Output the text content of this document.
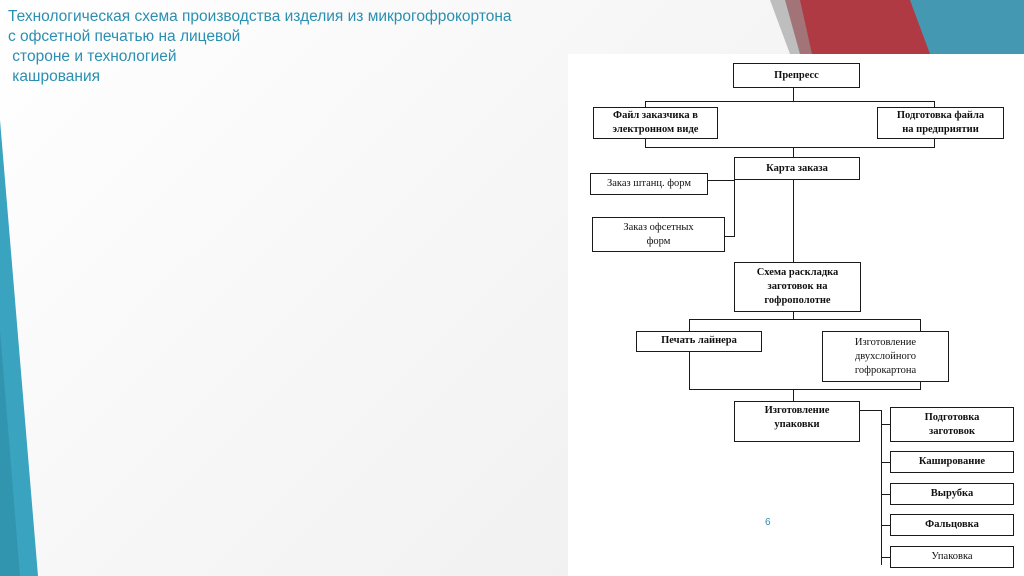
Технологическая схема производства изделия из микрогофрокортона
с офсетной печатью на лицевой
стороне и технологией
кашрования	Препресс
Файл заказчика в
электронном виде
Подготовка файла
на предприятии
Карта заказа
Заказ штанц. форм
Заказ офсетных
форм
Схема раскладка
заготовок на
гофрополотне
Печать лайнера	Изготовление
двухслойного
гофрокартона
Изготовление
упаковки
Подготовка
заготовок
Каширование
Вырубка
Фальцовка
Упаковка
6
